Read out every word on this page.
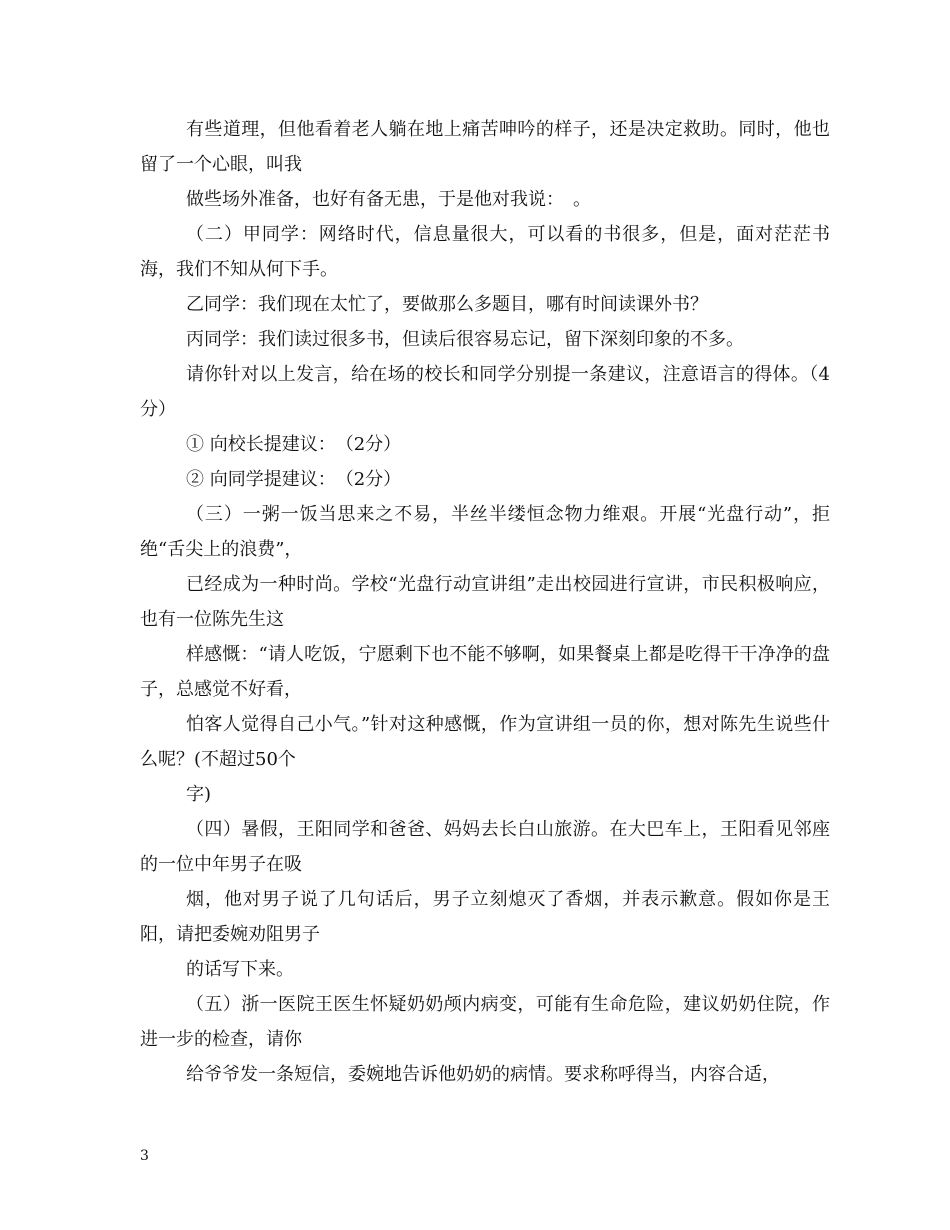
有些道理，但他看着老人躺在地上痛苦呻吟的样子，还是决定救助。同时，他也留了一个心眼，叫我

做些场外准备，也好有备无患，于是他对我说：　。

（二）甲同学：网络时代，信息量很大，可以看的书很多，但是，面对茫茫书海，我们不知从何下手。

乙同学：我们现在太忙了，要做那么多题目，哪有时间读课外书？

丙同学：我们读过很多书，但读后很容易忘记，留下深刻印象的不多。

请你针对以上发言，给在场的校长和同学分别提一条建议，注意语言的得体。（4分）

① 向校长提建议：　（2分）

② 向同学提建议：　（2分）

（三）一粥一饭当思来之不易，半丝半缕恒念物力维艰。开展“光盘行动”，拒绝“舌尖上的浪费”，

已经成为一种时尚。学校“光盘行动宣讲组”走出校园进行宣讲，市民积极响应，也有一位陈先生这

样感慨：“请人吃饭，宁愿剩下也不能不够啊，如果餐桌上都是吃得干干净净的盘子，总感觉不好看，

怕客人觉得自己小气。”针对这种感慨，作为宣讲组一员的你，想对陈先生说些什么呢？(不超过50个

字)

（四）暑假，王阳同学和爸爸、妈妈去长白山旅游。在大巴车上，王阳看见邻座的一位中年男子在吸

烟，他对男子说了几句话后，男子立刻熄灭了香烟，并表示歉意。假如你是王阳，请把委婉劝阻男子

的话写下来。

（五）浙一医院王医生怀疑奶奶颅内病变，可能有生命危险，建议奶奶住院，作进一步的检查，请你

给爷爷发一条短信，委婉地告诉他奶奶的病情。要求称呼得当，内容合适，

3
